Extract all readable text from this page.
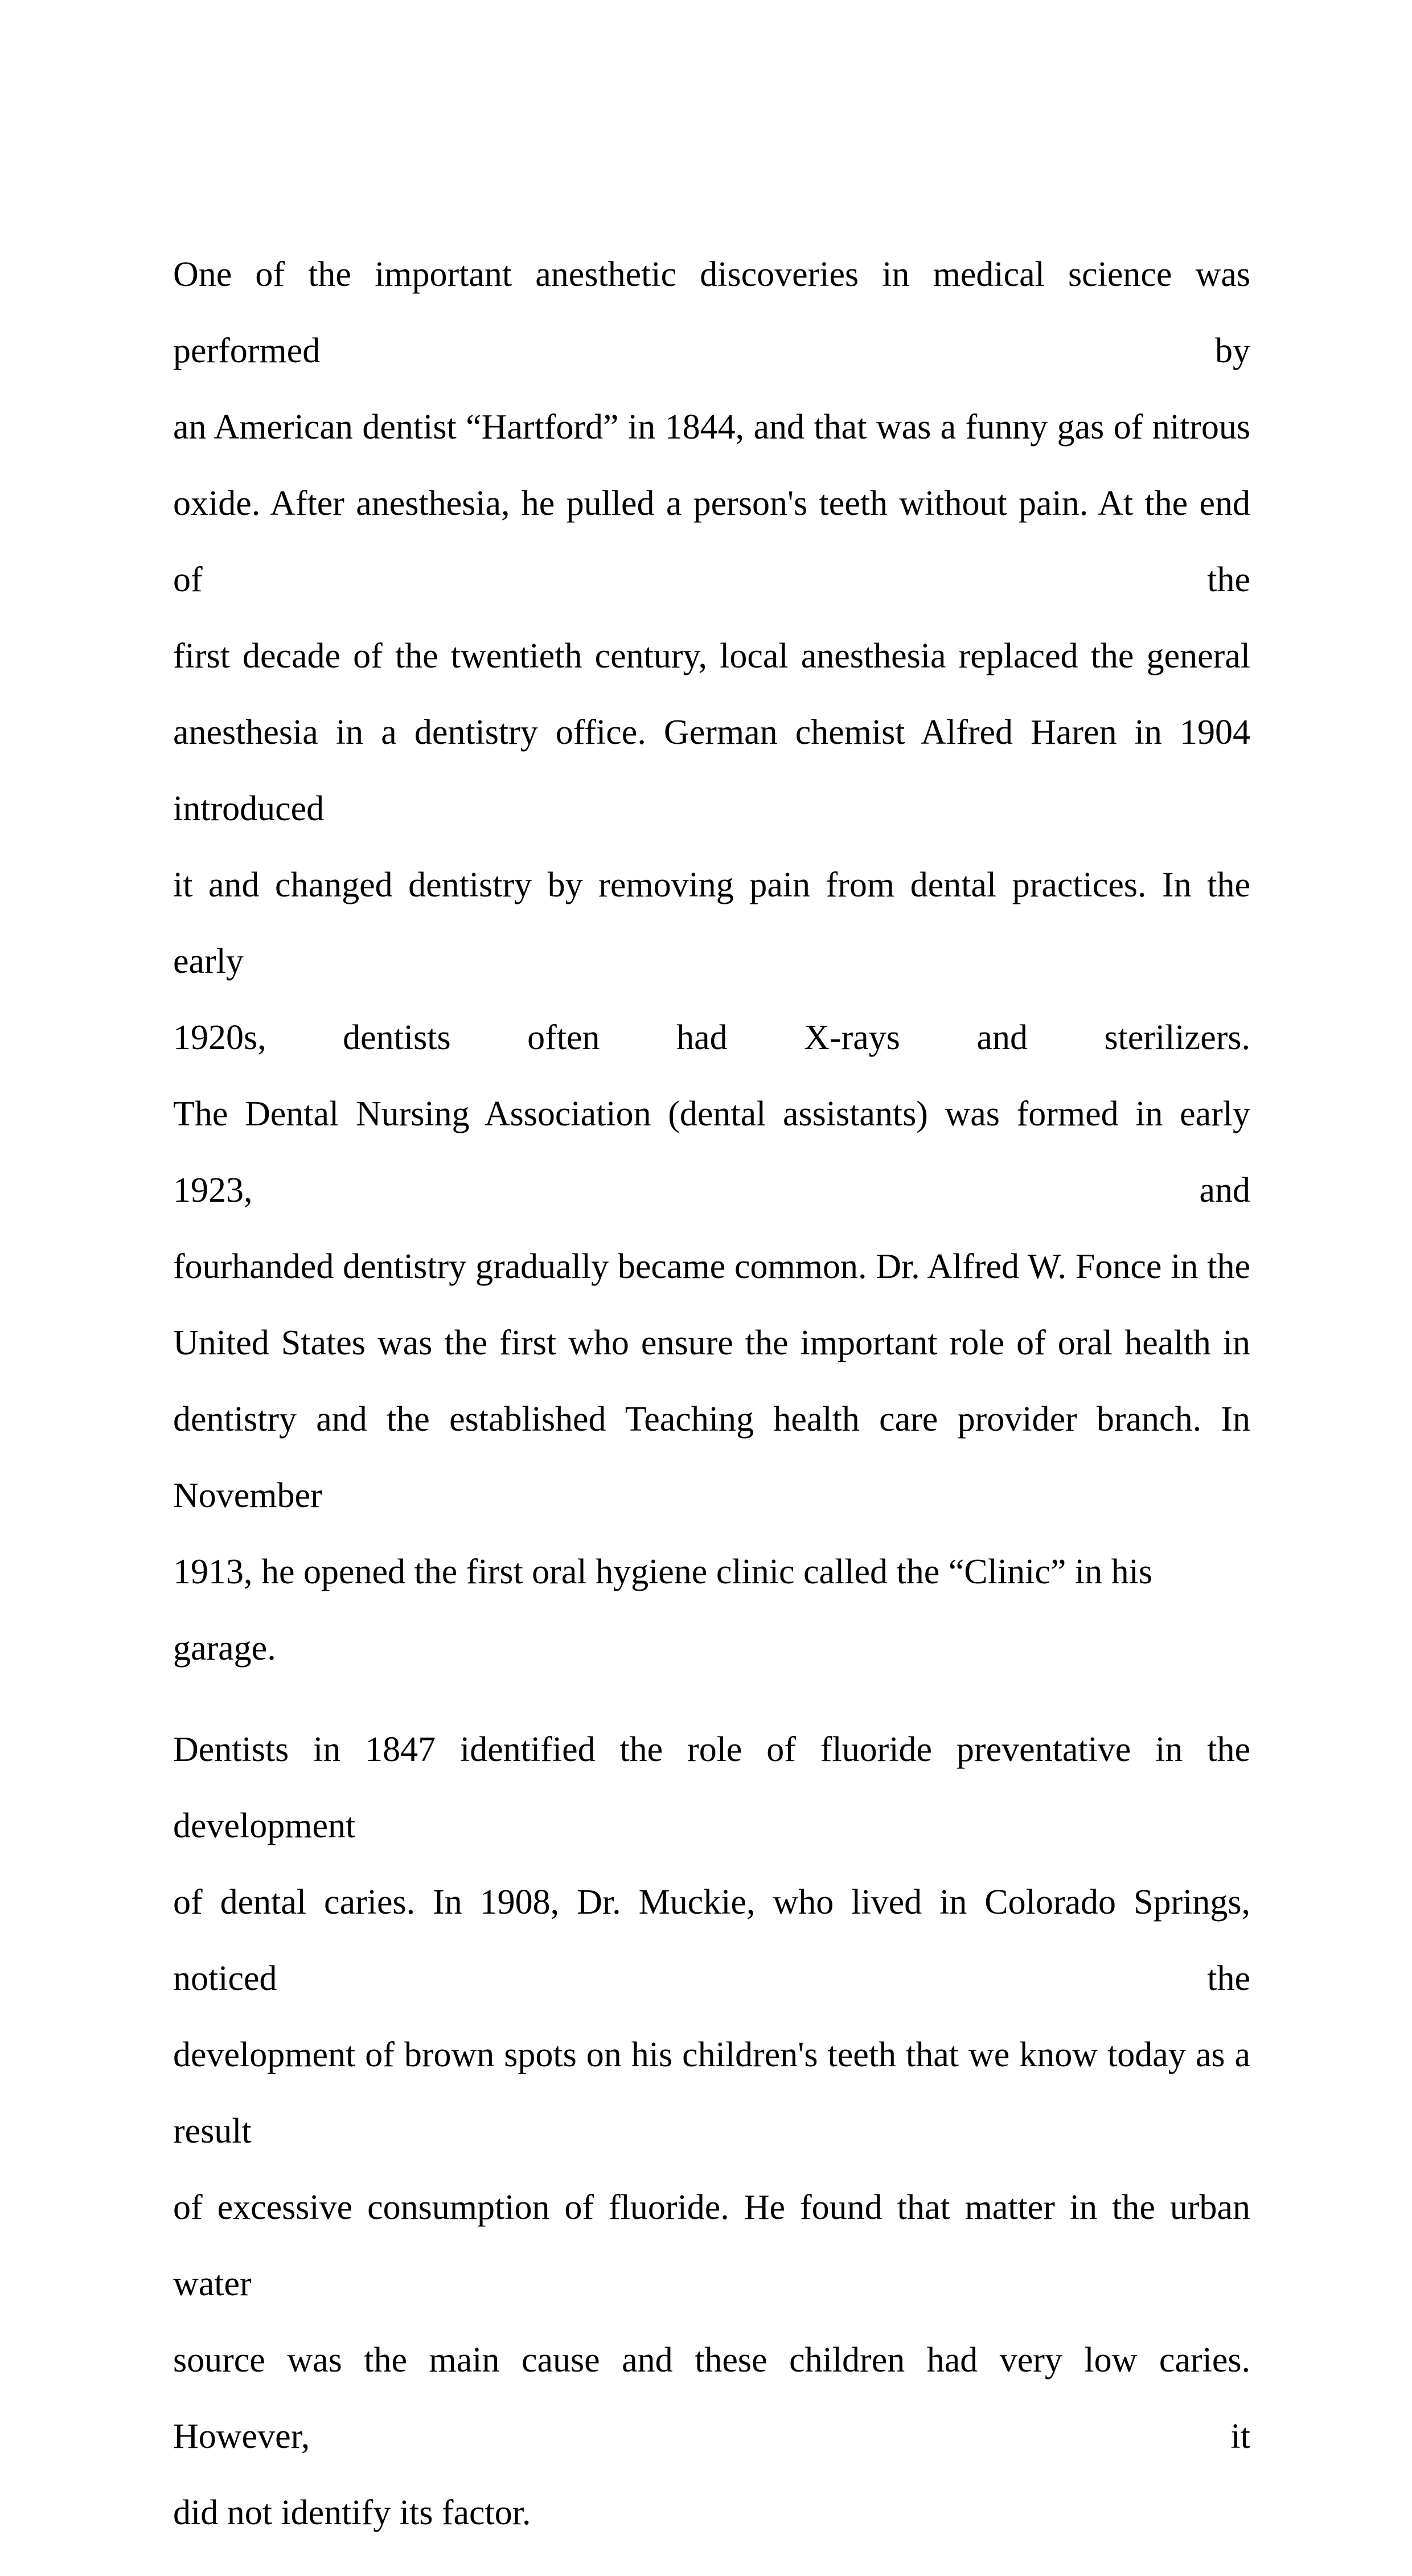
One of the important anesthetic discoveries in medical science was performed by
an American dentist “Hartford” in 1844, and that was a funny gas of nitrous
oxide. After anesthesia, he pulled a person's teeth without pain. At the end of the
first decade of the twentieth century, local anesthesia replaced the general
anesthesia in a dentistry office. German chemist Alfred Haren in 1904 introduced
it and changed dentistry by removing pain from dental practices. In the early
1920s, dentists often had X-rays and sterilizers.
The Dental Nursing Association (dental assistants) was formed in early 1923, and
fourhanded dentistry gradually became common. Dr. Alfred W. Fonce in the
United States was the first who ensure the important role of oral health in
dentistry and the established Teaching health care provider branch. In November
1913, he opened the first oral hygiene clinic called the “Clinic” in his garage.
Dentists in 1847 identified the role of fluoride preventative in the development
of dental caries. In 1908, Dr. Muckie, who lived in Colorado Springs, noticed the
development of brown spots on his children's teeth that we know today as a result
of excessive consumption of fluoride. He found that matter in the urban water
source was the main cause and these children had very low caries. However, it
did not identify its factor.
